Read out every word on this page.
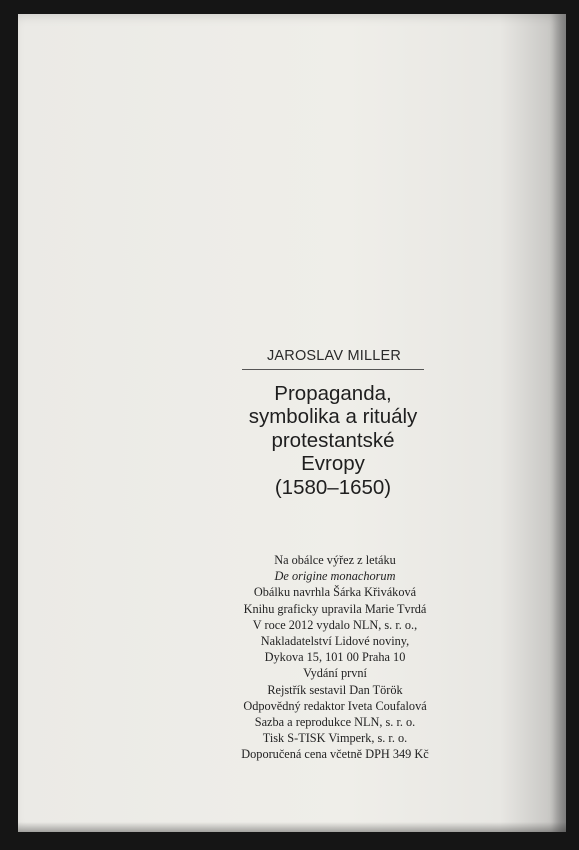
JAROSLAV MILLER
Propaganda,
symbolika a rituály
protestantské
Evropy
(1580–1650)
Na obálce výřez z letáku
De origine monachorum
Obálku navrhla Šárka Křiváková
Knihu graficky upravila Marie Tvrdá
V roce 2012 vydalo NLN, s. r. o.,
Nakladatelství Lidové noviny,
Dykova 15, 101 00 Praha 10
Vydání první
Rejstřík sestavil Dan Török
Odpovědný redaktor Iveta Coufalová
Sazba a reprodukce NLN, s. r. o.
Tisk S-TISK Vimperk, s. r. o.
Doporučená cena včetně DPH 349 Kč
